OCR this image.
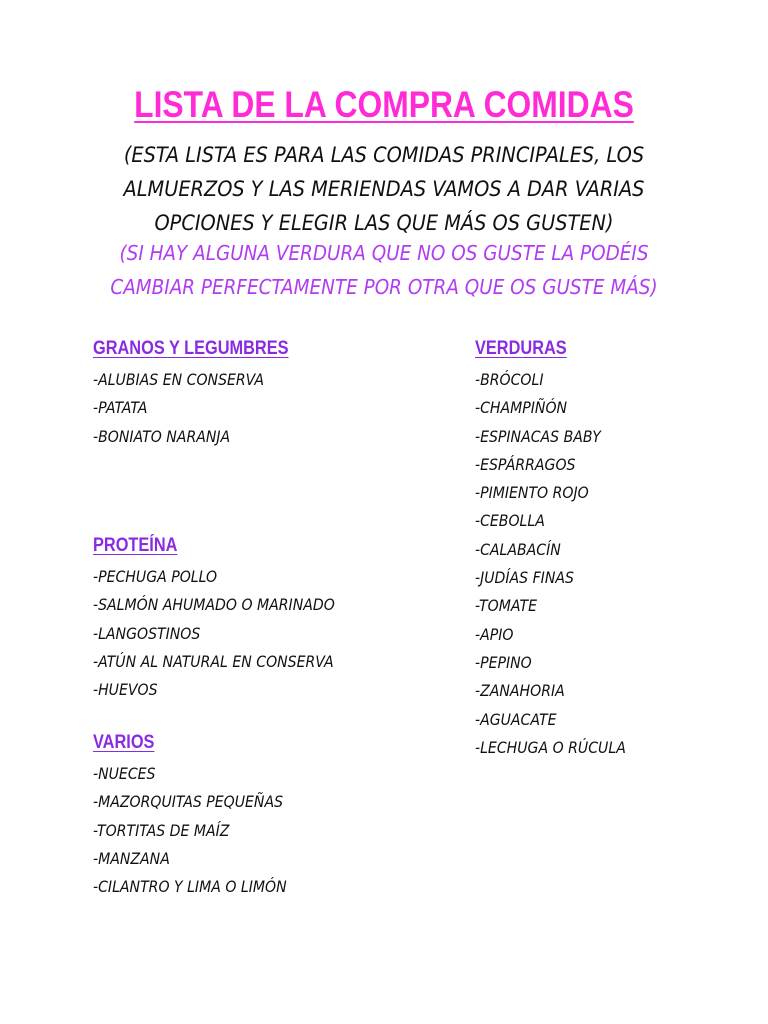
LISTA DE LA COMPRA COMIDAS
(ESTA LISTA ES PARA LAS COMIDAS PRINCIPALES, LOS ALMUERZOS Y LAS MERIENDAS VAMOS A DAR VARIAS OPCIONES Y ELEGIR LAS QUE MÁS OS GUSTEN)
(SI HAY ALGUNA VERDURA QUE NO OS GUSTE LA PODÉIS CAMBIAR PERFECTAMENTE POR OTRA QUE OS GUSTE MÁS)
GRANOS Y LEGUMBRES
-ALUBIAS EN CONSERVA
-PATATA
-BONIATO NARANJA
PROTEÍNA
-PECHUGA POLLO
-SALMÓN AHUMADO O MARINADO
-LANGOSTINOS
-ATÚN AL NATURAL EN CONSERVA
-HUEVOS
VARIOS
-NUECES
-MAZORQUITAS PEQUEÑAS
-TORTITAS DE MAÍZ
-MANZANA
-CILANTRO Y LIMA O LIMÓN
VERDURAS
-BRÓCOLI
-CHAMPIÑÓN
-ESPINACAS BABY
-ESPÁRRAGOS
-PIMIENTO ROJO
-CEBOLLA
-CALABACÍN
-JUDÍAS FINAS
-TOMATE
-APIO
-PEPINO
-ZANAHORIA
-AGUACATE
-LECHUGA O RÚCULA
